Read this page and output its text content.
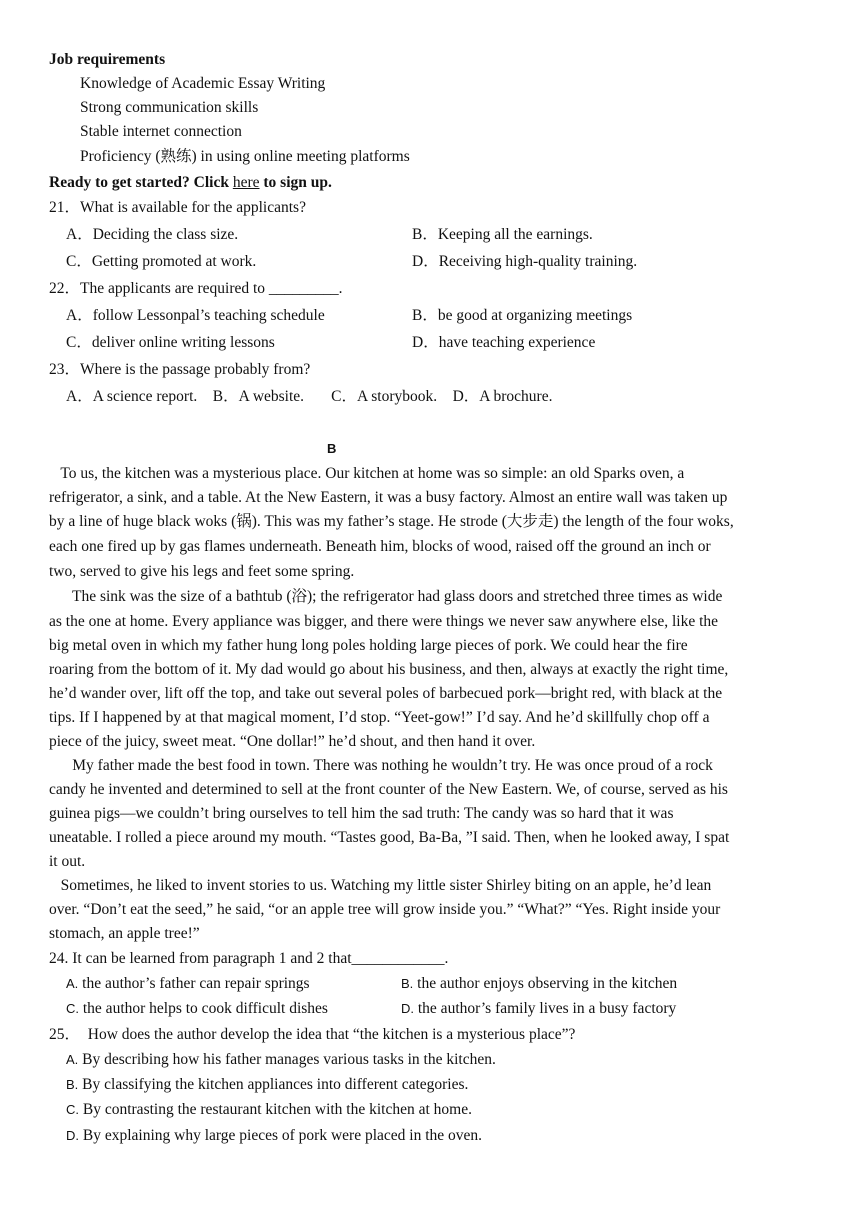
Job requirements
Knowledge of Academic Essay Writing
Strong communication skills
Stable internet connection
Proficiency (熟练) in using online meeting platforms
Ready to get started? Click here to sign up.
21．What is available for the applicants?
A．Deciding the class size.	B．Keeping all the earnings.
C．Getting promoted at work.	D．Receiving high-quality training.
22．The applicants are required to _________.
A．follow Lessonpal’s teaching schedule	B．be good at organizing meetings
C．deliver online writing lessons	D．have teaching experience
23．Where is the passage probably from?
A．A science report.    B．A website.       C．A storybook.    D．A brochure.
B
To us, the kitchen was a mysterious place. Our kitchen at home was so simple: an old Sparks oven, a
refrigerator, a sink, and a table. At the New Eastern, it was a busy factory. Almost an entire wall was taken up
by a line of huge black woks (锅). This was my father’s stage. He strode (大步走) the length of the four woks,
each one fired up by gas flames underneath. Beneath him, blocks of wood, raised off the ground an inch or
two, served to give his legs and feet some spring.
The sink was the size of a bathtub (浴); the refrigerator had glass doors and stretched three times as wide
as the one at home. Every appliance was bigger, and there were things we never saw anywhere else, like the
big metal oven in which my father hung long poles holding large pieces of pork. We could hear the fire
roaring from the bottom of it. My dad would go about his business, and then, always at exactly the right time,
he’d wander over, lift off the top, and take out several poles of barbecued pork—bright red, with black at the
tips. If I happened by at that magical moment, I’d stop. “Yeet-gow!” I’d say. And he’d skillfully chop off a
piece of the juicy, sweet meat. “One dollar!” he’d shout, and then hand it over.
My father made the best food in town. There was nothing he wouldn’t try. He was once proud of a rock
candy he invented and determined to sell at the front counter of the New Eastern. We, of course, served as his
guinea pigs—we couldn’t bring ourselves to tell him the sad truth: The candy was so hard that it was
uneatable. I rolled a piece around my mouth. “Tastes good, Ba-Ba, ”I said. Then, when he looked away, I spat
it out.
Sometimes, he liked to invent stories to us. Watching my little sister Shirley biting on an apple, he’d lean
over. “Don’t eat the seed,” he said, “or an apple tree will grow inside you.” “What?” “Yes. Right inside your
stomach, an apple tree!”
24. It can be learned from paragraph 1 and 2 that____________.
A. the author’s father can repair springs	B. the author enjoys observing in the kitchen
C. the author helps to cook difficult dishes	D. the author’s family lives in a busy factory
25．  How does the author develop the idea that “the kitchen is a mysterious place”?
A. By describing how his father manages various tasks in the kitchen.
B. By classifying the kitchen appliances into different categories.
C. By contrasting the restaurant kitchen with the kitchen at home.
D. By explaining why large pieces of pork were placed in the oven.
